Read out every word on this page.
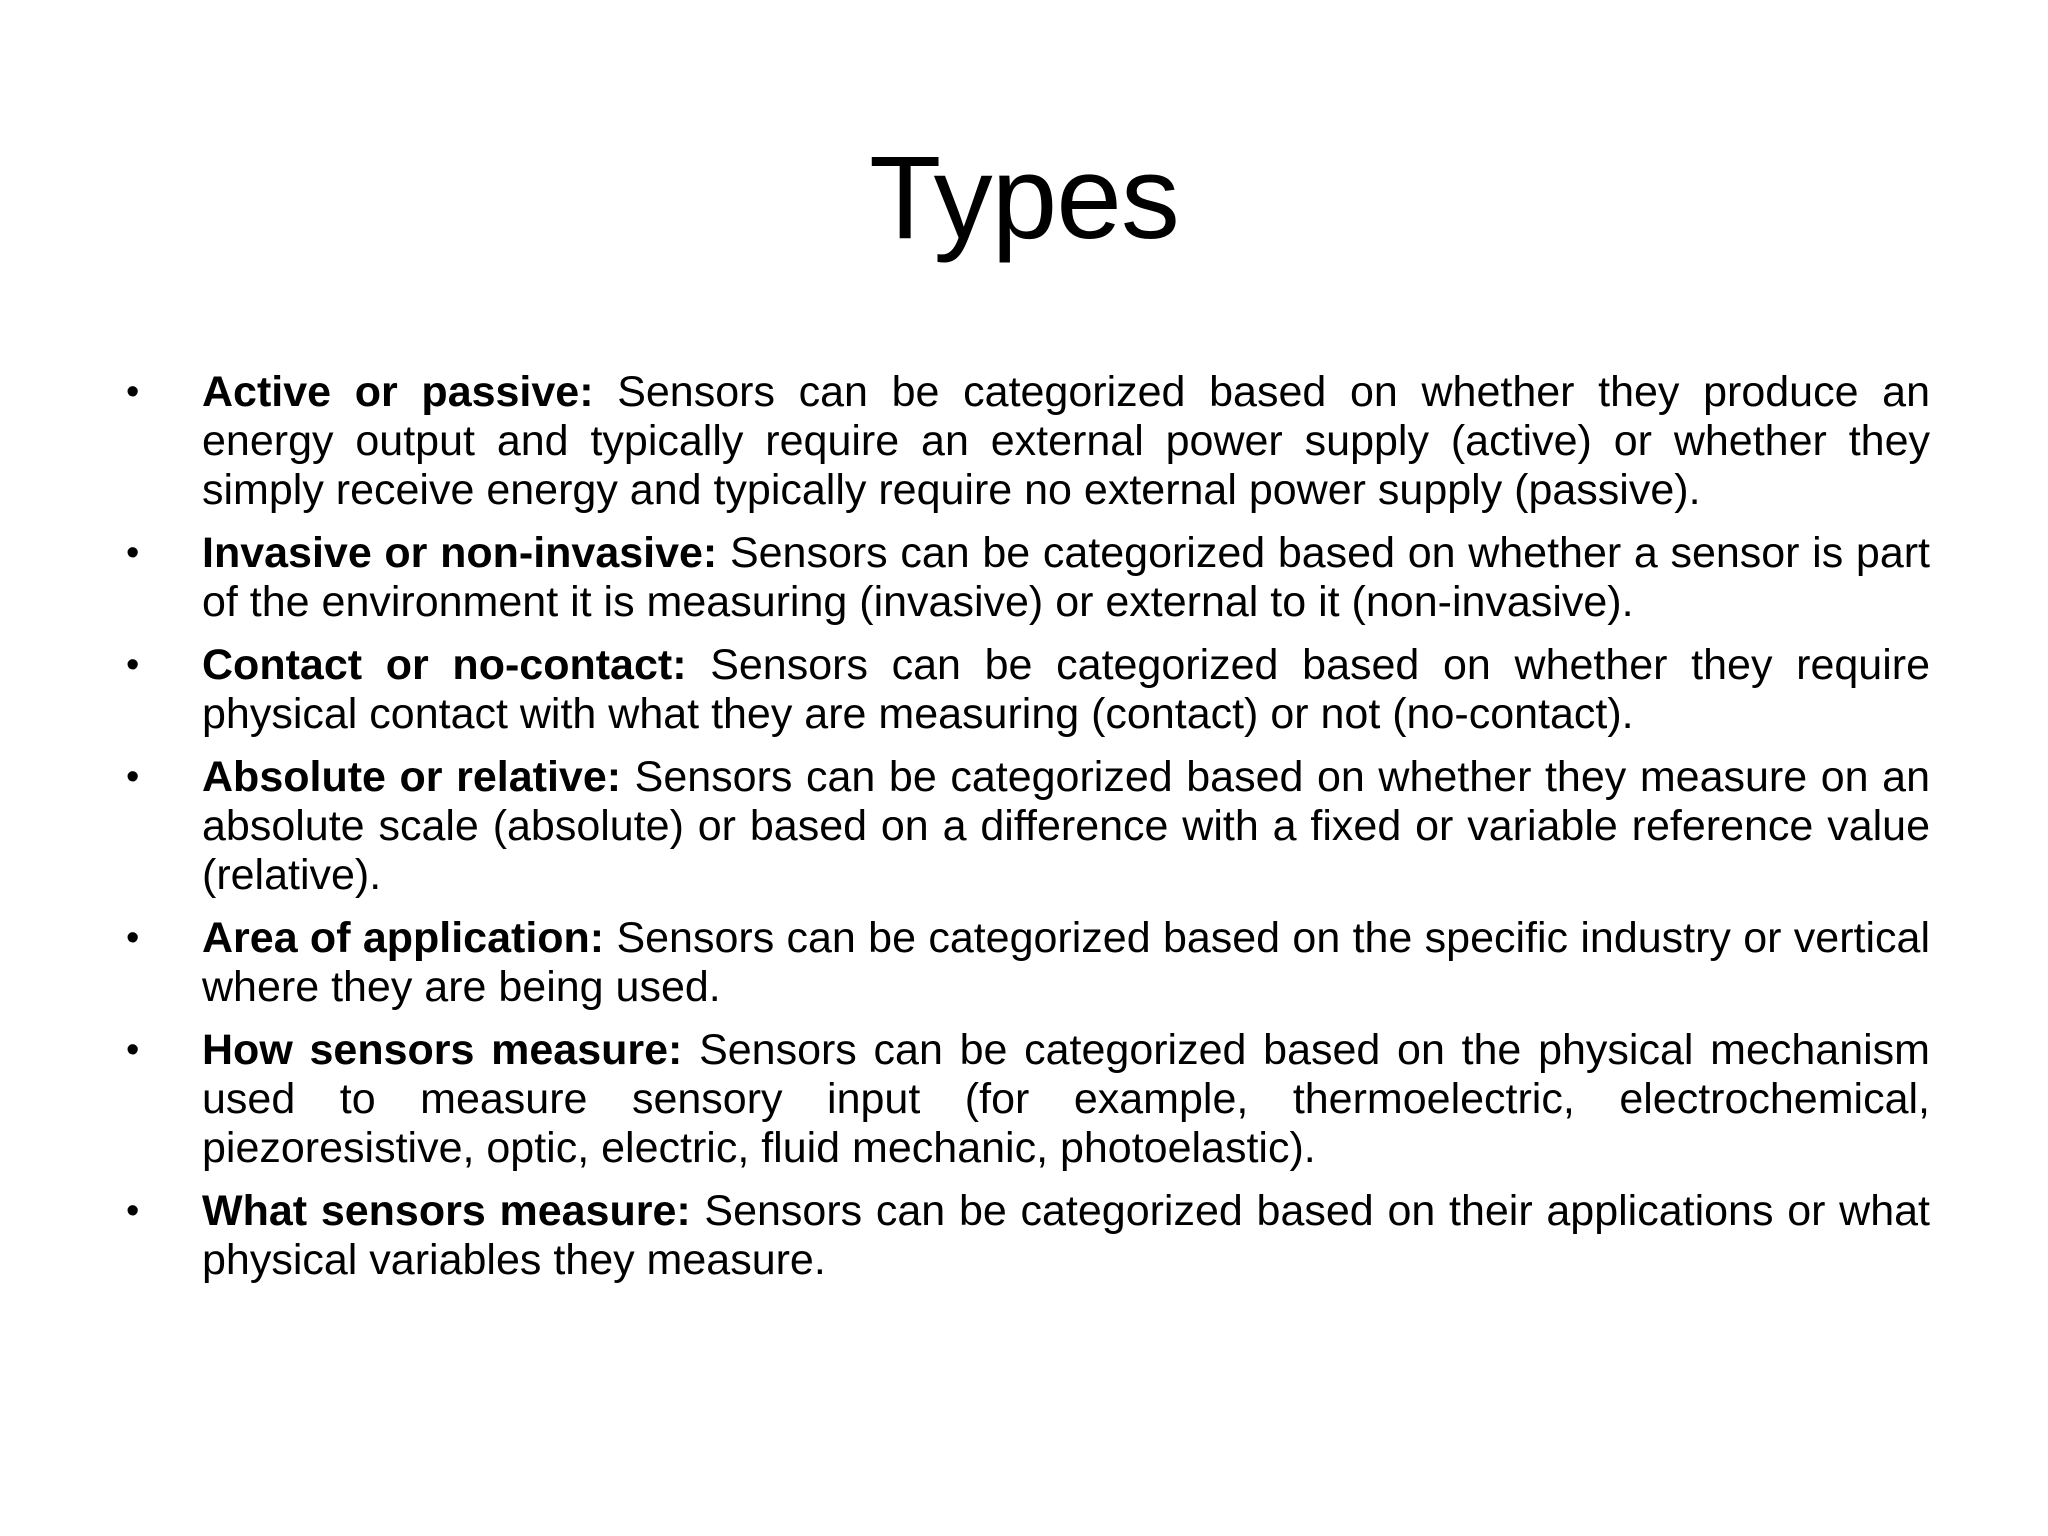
Types
•	Active or passive: Sensors can be categorized based on whether they produce an energy output and typically require an external power supply (active) or whether they simply receive energy and typically require no external power supply (passive).
•	Invasive or non-invasive: Sensors can be categorized based on whether a sensor is part of the environment it is measuring (invasive) or external to it (non-invasive).
•	Contact or no-contact: Sensors can be categorized based on whether they require physical contact with what they are measuring (contact) or not (no-contact).
•	Absolute or relative: Sensors can be categorized based on whether they measure on an absolute scale (absolute) or based on a difference with a fixed or variable reference value (relative).
•	Area of application: Sensors can be categorized based on the specific industry or vertical where they are being used.
•	How sensors measure: Sensors can be categorized based on the physical mechanism used to measure sensory input (for example, thermoelectric, electrochemical, piezoresistive, optic, electric, fluid mechanic, photoelastic).
•	What sensors measure: Sensors can be categorized based on their applications or what physical variables they measure.
